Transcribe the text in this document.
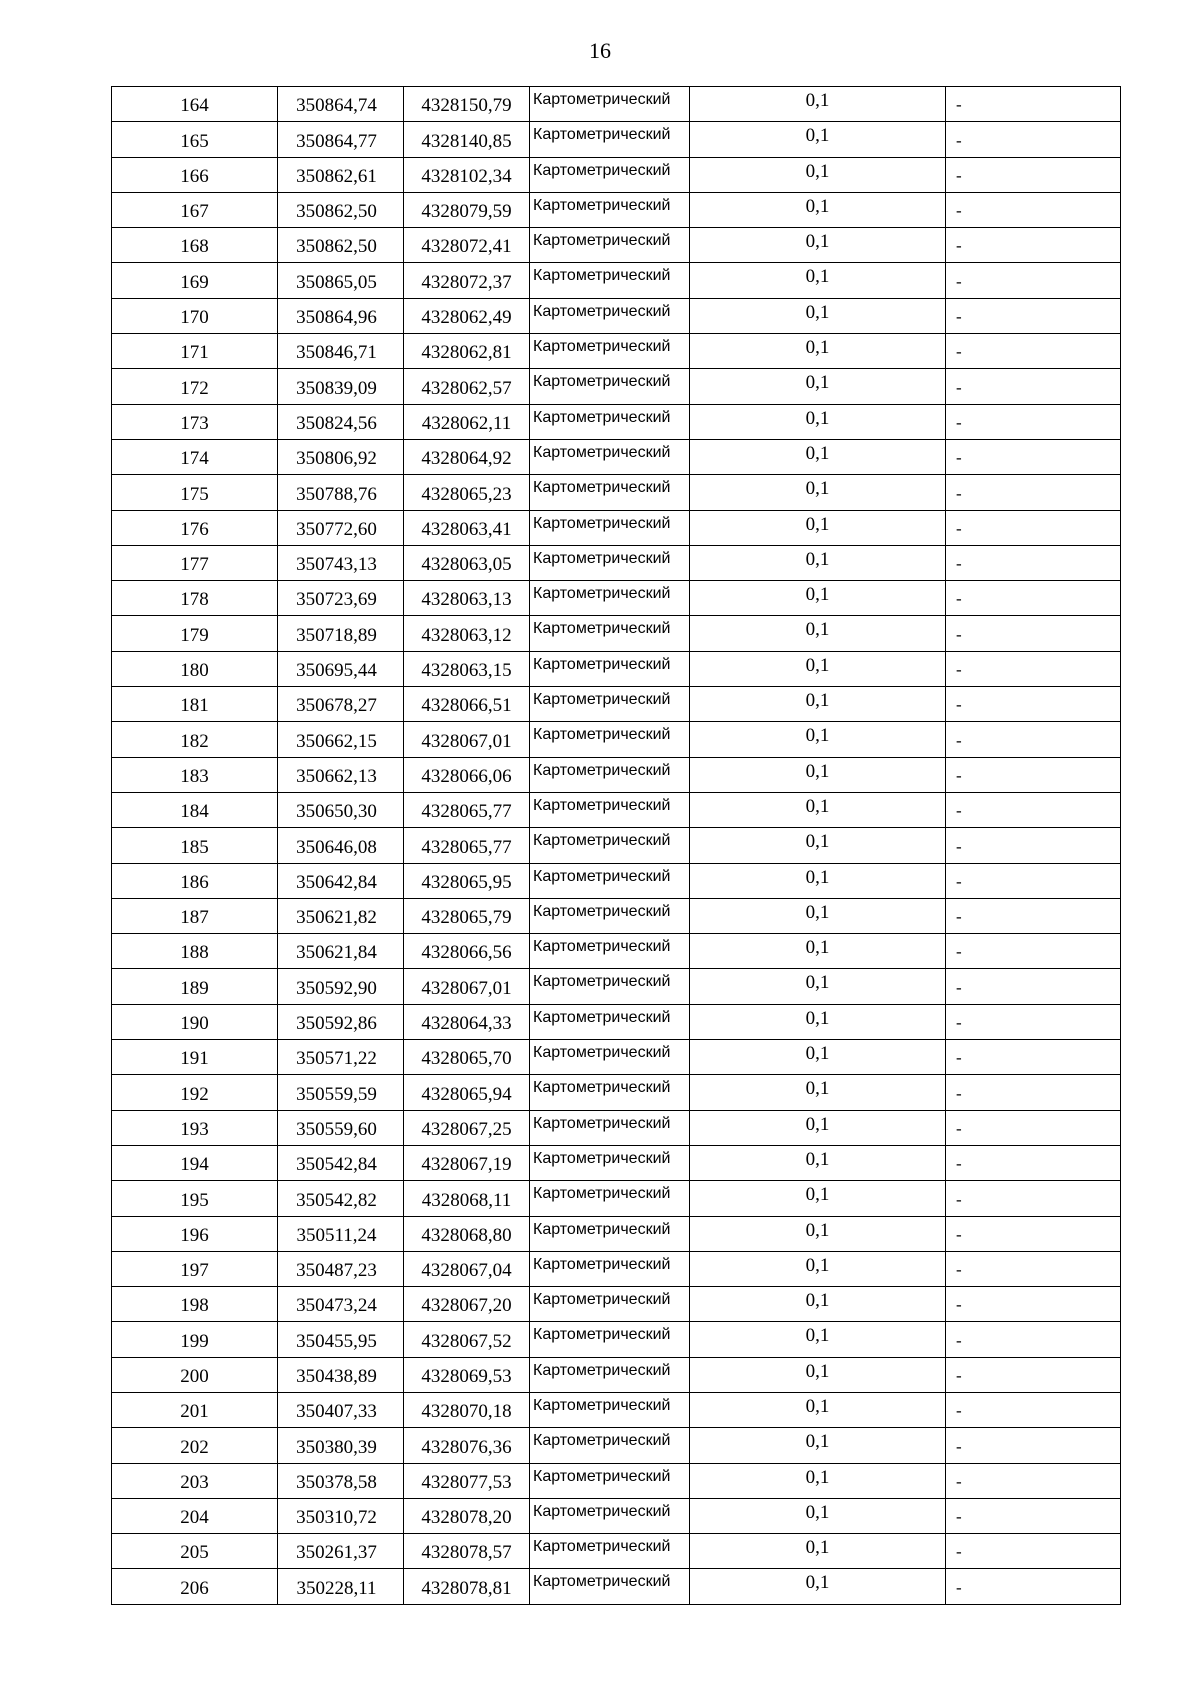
16
164	350864,74	4328150,79	Картометрический	0,1	-
165	350864,77	4328140,85	Картометрический	0,1	-
166	350862,61	4328102,34	Картометрический	0,1	-
167	350862,50	4328079,59	Картометрический	0,1	-
168	350862,50	4328072,41	Картометрический	0,1	-
169	350865,05	4328072,37	Картометрический	0,1	-
170	350864,96	4328062,49	Картометрический	0,1	-
171	350846,71	4328062,81	Картометрический	0,1	-
172	350839,09	4328062,57	Картометрический	0,1	-
173	350824,56	4328062,11	Картометрический	0,1	-
174	350806,92	4328064,92	Картометрический	0,1	-
175	350788,76	4328065,23	Картометрический	0,1	-
176	350772,60	4328063,41	Картометрический	0,1	-
177	350743,13	4328063,05	Картометрический	0,1	-
178	350723,69	4328063,13	Картометрический	0,1	-
179	350718,89	4328063,12	Картометрический	0,1	-
180	350695,44	4328063,15	Картометрический	0,1	-
181	350678,27	4328066,51	Картометрический	0,1	-
182	350662,15	4328067,01	Картометрический	0,1	-
183	350662,13	4328066,06	Картометрический	0,1	-
184	350650,30	4328065,77	Картометрический	0,1	-
185	350646,08	4328065,77	Картометрический	0,1	-
186	350642,84	4328065,95	Картометрический	0,1	-
187	350621,82	4328065,79	Картометрический	0,1	-
188	350621,84	4328066,56	Картометрический	0,1	-
189	350592,90	4328067,01	Картометрический	0,1	-
190	350592,86	4328064,33	Картометрический	0,1	-
191	350571,22	4328065,70	Картометрический	0,1	-
192	350559,59	4328065,94	Картометрический	0,1	-
193	350559,60	4328067,25	Картометрический	0,1	-
194	350542,84	4328067,19	Картометрический	0,1	-
195	350542,82	4328068,11	Картометрический	0,1	-
196	350511,24	4328068,80	Картометрический	0,1	-
197	350487,23	4328067,04	Картометрический	0,1	-
198	350473,24	4328067,20	Картометрический	0,1	-
199	350455,95	4328067,52	Картометрический	0,1	-
200	350438,89	4328069,53	Картометрический	0,1	-
201	350407,33	4328070,18	Картометрический	0,1	-
202	350380,39	4328076,36	Картометрический	0,1	-
203	350378,58	4328077,53	Картометрический	0,1	-
204	350310,72	4328078,20	Картометрический	0,1	-
205	350261,37	4328078,57	Картометрический	0,1	-
206	350228,11	4328078,81	Картометрический	0,1	-
